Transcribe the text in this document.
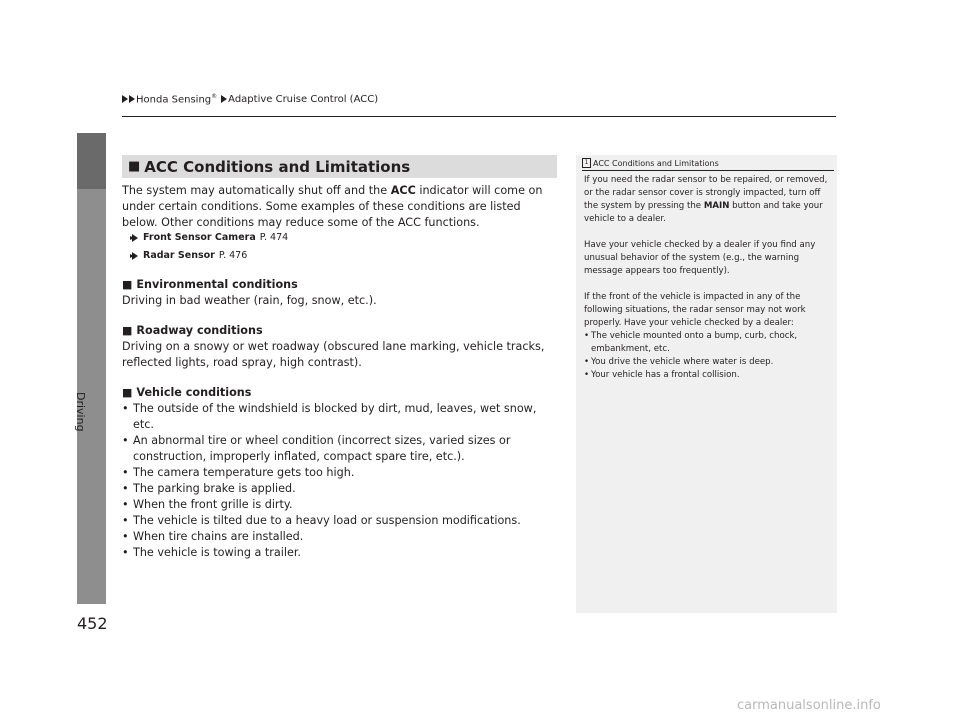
Honda Sensing® Adaptive Cruise Control (ACC)
Driving
452
■ ACC Conditions and Limitations

The system may automatically shut off and the ACC indicator will come on under certain conditions. Some examples of these conditions are listed below. Other conditions may reduce some of the ACC functions.

Front Sensor Camera P. 474
Radar Sensor P. 476
■ Environmental conditions

Driving in bad weather (rain, fog, snow, etc.).

■ Roadway conditions

Driving on a snowy or wet roadway (obscured lane marking, vehicle tracks, reflected lights, road spray, high contrast).

■ Vehicle conditions
• The outside of the windshield is blocked by dirt, mud, leaves, wet snow, etc.
• An abnormal tire or wheel condition (incorrect sizes, varied sizes or construction, improperly inflated, compact spare tire, etc.).
• The camera temperature gets too high.
• The parking brake is applied.
• When the front grille is dirty.
• The vehicle is tilted due to a heavy load or suspension modifications.
• When tire chains are installed.
• The vehicle is towing a trailer.
1 ACC Conditions and Limitations

If you need the radar sensor to be repaired, or removed, or the radar sensor cover is strongly impacted, turn off the system by pressing the MAIN button and take your vehicle to a dealer.

Have your vehicle checked by a dealer if you find any unusual behavior of the system (e.g., the warning message appears too frequently).

If the front of the vehicle is impacted in any of the following situations, the radar sensor may not work properly. Have your vehicle checked by a dealer:

• The vehicle mounted onto a bump, curb, chock, embankment, etc.
• You drive the vehicle where water is deep.
• Your vehicle has a frontal collision.
carmanualsonline.info
